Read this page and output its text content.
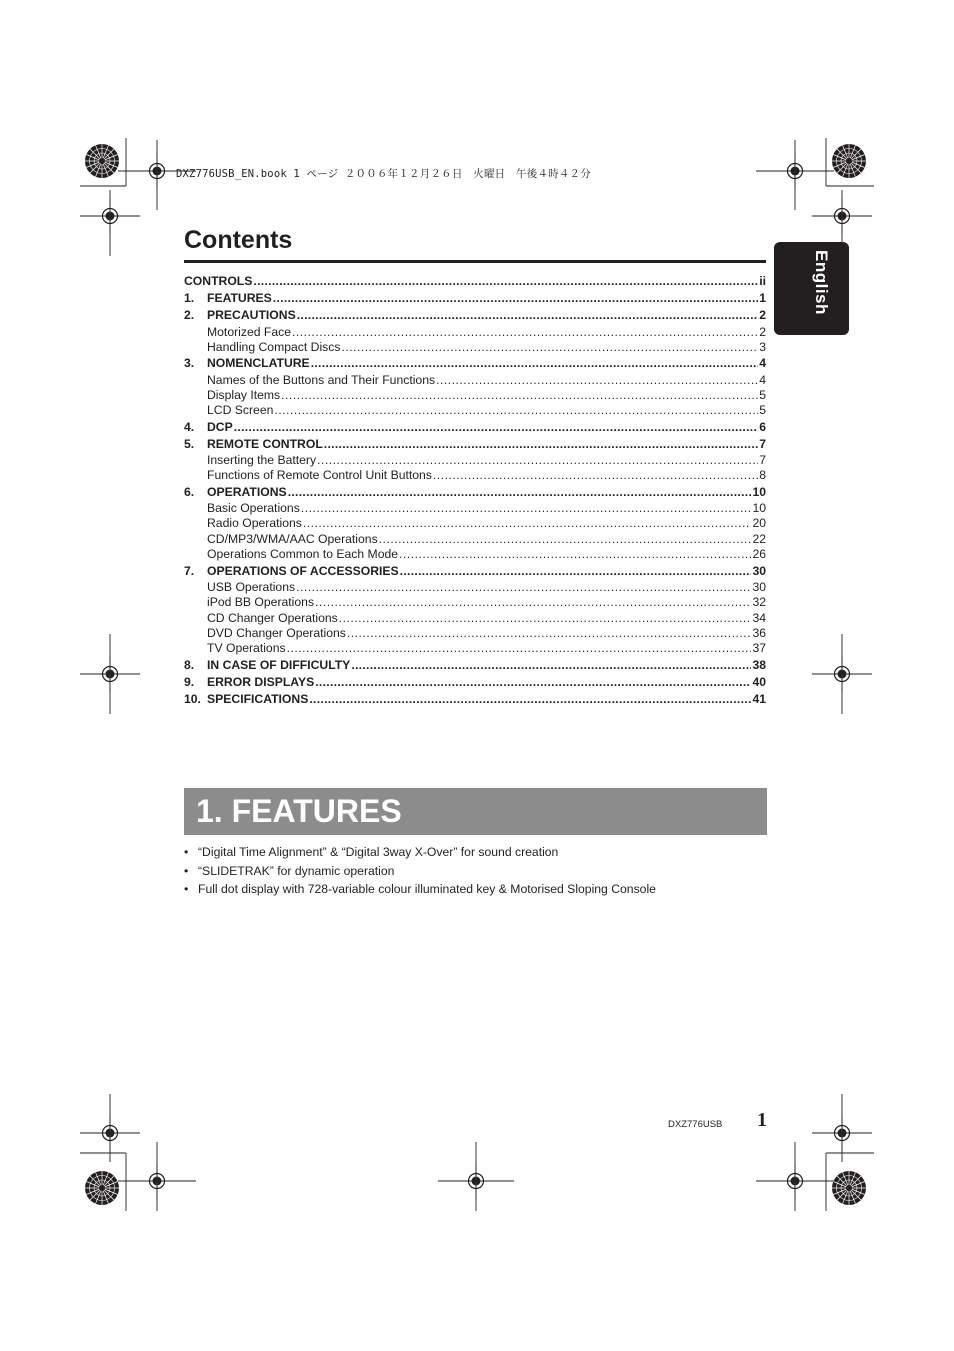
DXZ776USB_EN.book 1 ページ ２００６年１２月２６日　火曜日　午後４時４２分
Contents
English
CONTROLS .....	ii
1.	FEATURES .....	1
2.	PRECAUTIONS .....	2
Motorized Face .....	2
Handling Compact Discs .....	3
3.	NOMENCLATURE .....	4
Names of the Buttons and Their Functions .....	4
Display Items .....	5
LCD Screen .....	5
4.	DCP .....	6
5.	REMOTE CONTROL .....	7
Inserting the Battery .....	7
Functions of Remote Control Unit Buttons .....	8
6.	OPERATIONS .....	10
Basic Operations .....	10
Radio Operations .....	20
CD/MP3/WMA/AAC Operations .....	22
Operations Common to Each Mode .....	26
7.	OPERATIONS OF ACCESSORIES .....	30
USB Operations .....	30
iPod BB Operations .....	32
CD Changer Operations .....	34
DVD Changer Operations .....	36
TV Operations .....	37
8.	IN CASE OF DIFFICULTY .....	38
9.	ERROR DISPLAYS .....	40
10. SPECIFICATIONS .....	41
1. FEATURES
• “Digital Time Alignment” & “Digital 3way X-Over” for sound creation
• “SLIDETRAK” for dynamic operation
• Full dot display with 728-variable colour illuminated key & Motorised Sloping Console
DXZ776USB 1
